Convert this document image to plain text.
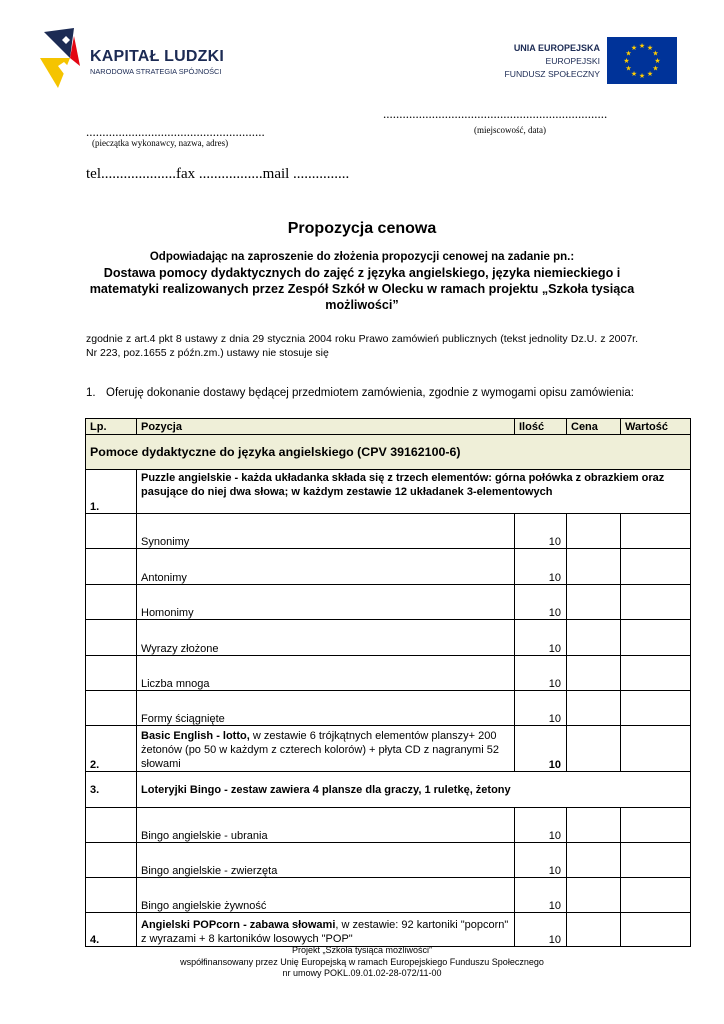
KAPITAŁ LUDZKI
NARODOWA STRATEGIA SPÓJNOŚCI
UNIA EUROPEJSKA
EUROPEJSKI
FUNDUSZ SPOŁECZNY
★ ★
★
★
★
★
★
★
★
★
★
★
.....................................................................
(miejscowość, data)
.......................................................
(pieczątka wykonawcy, nazwa, adres)
tel....................fax .................mail ...............
Propozycja cenowa
Odpowiadając na zaproszenie do złożenia propozycji cenowej na zadanie pn.:
Dostawa pomocy dydaktycznych do zajęć z języka angielskiego, języka niemieckiego i matematyki realizowanych przez Zespół Szkół w Olecku w ramach projektu „Szkoła tysiąca możliwości”
zgodnie z art.4 pkt 8 ustawy z dnia 29 stycznia 2004 roku Prawo zamówień publicznych (tekst jednolity Dz.U. z 2007r. Nr 223, poz.1655 z późn.zm.) ustawy nie stosuje się
1. Oferuję dokonanie dostawy będącej przedmiotem zamówienia, zgodnie z wymogami opisu zamówienia:
Lp.	Pozycja	Ilość	Cena	Wartość
Pomoce dydaktyczne do języka angielskiego (CPV 39162100-6)				
1.	Puzzle angielskie - każda układanka składa się z trzech elementów: górna połówka z obrazkiem oraz pasujące do niej dwa słowa; w każdym zestawie 12 układanek 3-elementowych			
	Synonimy	10		
	Antonimy	10		
	Homonimy	10		
	Wyrazy złożone	10		
	Liczba mnoga	10		
	Formy ściągnięte	10		
2.	Basic English - lotto, w zestawie 6 trójkątnych elementów planszy+ 200 żetonów (po 50 w każdym z czterech kolorów) + płyta CD z nagranymi 52 słowami	10		
3.	Loteryjki Bingo - zestaw zawiera 4 plansze dla graczy, 1 ruletkę, żetony			
	Bingo angielskie - ubrania	10		
	Bingo angielskie - zwierzęta	10		
	Bingo angielskie żywność	10		
4.	Angielski POPcorn - zabawa słowami, w zestawie: 92 kartoniki "popcorn" z wyrazami + 8 kartoników losowych "POP"	10		
Projekt „Szkoła tysiąca możliwości”
współfinansowany przez Unię Europejską w ramach Europejskiego Funduszu Społecznego
nr umowy POKL.09.01.02-28-072/11-00
